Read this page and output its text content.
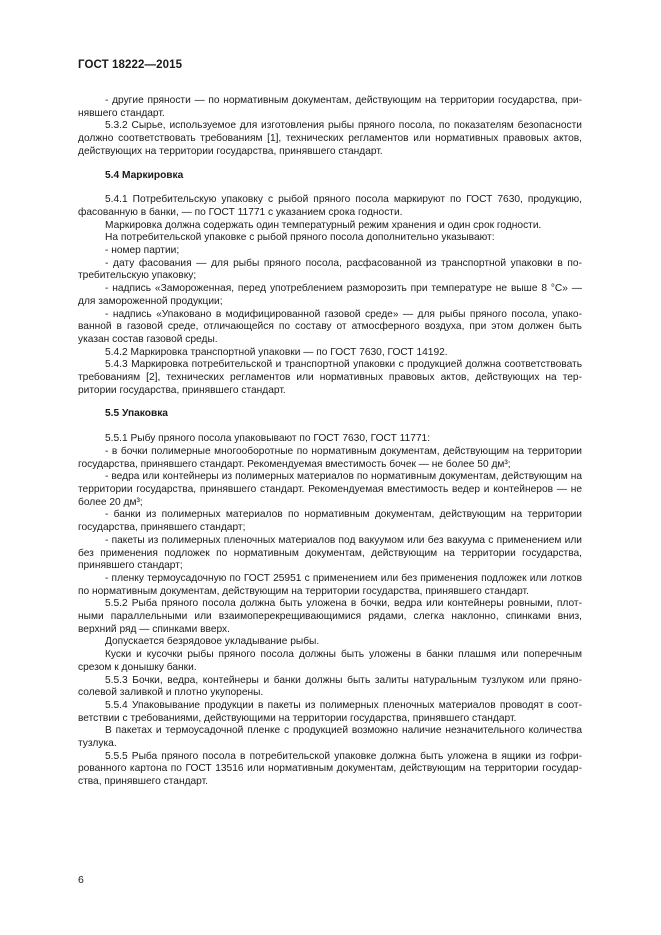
ГОСТ 18222—2015

- другие пряности — по нормативным документам, действующим на территории государства, принявшего стандарт.

5.3.2 Сырье, используемое для изготовления рыбы пряного посола, по показателям безопасности должно соответствовать требованиям [1], технических регламентов или нормативных правовых актов, действующих на территории государства, принявшего стандарт.

5.4 Маркировка

5.4.1 Потребительскую упаковку с рыбой пряного посола маркируют по ГОСТ 7630, продукцию, фасованную в банки, — по ГОСТ 11771 с указанием срока годности.

Маркировка должна содержать один температурный режим хранения и один срок годности.

На потребительской упаковке с рыбой пряного посола дополнительно указывают:

- номер партии;

- дату фасования — для рыбы пряного посола, расфасованной из транспортной упаковки в потребительскую упаковку;

- надпись «Замороженная, перед употреблением разморозить при температуре не выше 8 °С» — для замороженной продукции;

- надпись «Упаковано в модифицированной газовой среде» — для рыбы пряного посола, упакованной в газовой среде, отличающейся по составу от атмосферного воздуха, при этом должен быть указан состав газовой среды.

5.4.2 Маркировка транспортной упаковки — по ГОСТ 7630, ГОСТ 14192.

5.4.3 Маркировка потребительской и транспортной упаковки с продукцией должна соответствовать требованиям [2], технических регламентов или нормативных правовых актов, действующих на территории государства, принявшего стандарт.

5.5 Упаковка

5.5.1 Рыбу пряного посола упаковывают по ГОСТ 7630, ГОСТ 11771:

- в бочки полимерные многооборотные по нормативным документам, действующим на территории государства, принявшего стандарт. Рекомендуемая вместимость бочек — не более 50 дм³;

- ведра или контейнеры из полимерных материалов по нормативным документам, действующим на территории государства, принявшего стандарт. Рекомендуемая вместимость ведер и контейнеров — не более 20 дм³;

- банки из полимерных материалов по нормативным документам, действующим на территории государства, принявшего стандарт;

- пакеты из полимерных пленочных материалов под вакуумом или без вакуума с применением или без применения подложек по нормативным документам, действующим на территории государства, принявшего стандарт;

- пленку термоусадочную по ГОСТ 25951 с применением или без применения подложек или лотков по нормативным документам, действующим на территории государства, принявшего стандарт.

5.5.2 Рыба пряного посола должна быть уложена в бочки, ведра или контейнеры ровными, плотными параллельными или взаимоперекрещивающимися рядами, слегка наклонно, спинками вниз, верхний ряд — спинками вверх.

Допускается безрядовое укладывание рыбы.

Куски и кусочки рыбы пряного посола должны быть уложены в банки плашмя или поперечным срезом к донышку банки.

5.5.3 Бочки, ведра, контейнеры и банки должны быть залиты натуральным тузлуком или пряно-солевой заливкой и плотно укупорены.

5.5.4 Упаковывание продукции в пакеты из полимерных пленочных материалов проводят в соответствии с требованиями, действующими на территории государства, принявшего стандарт.

В пакетах и термоусадочной пленке с продукцией возможно наличие незначительного количества тузлука.

5.5.5 Рыба пряного посола в потребительской упаковке должна быть уложена в ящики из гофрированного картона по ГОСТ 13516 или нормативным документам, действующим на территории государства, принявшего стандарт.

6
